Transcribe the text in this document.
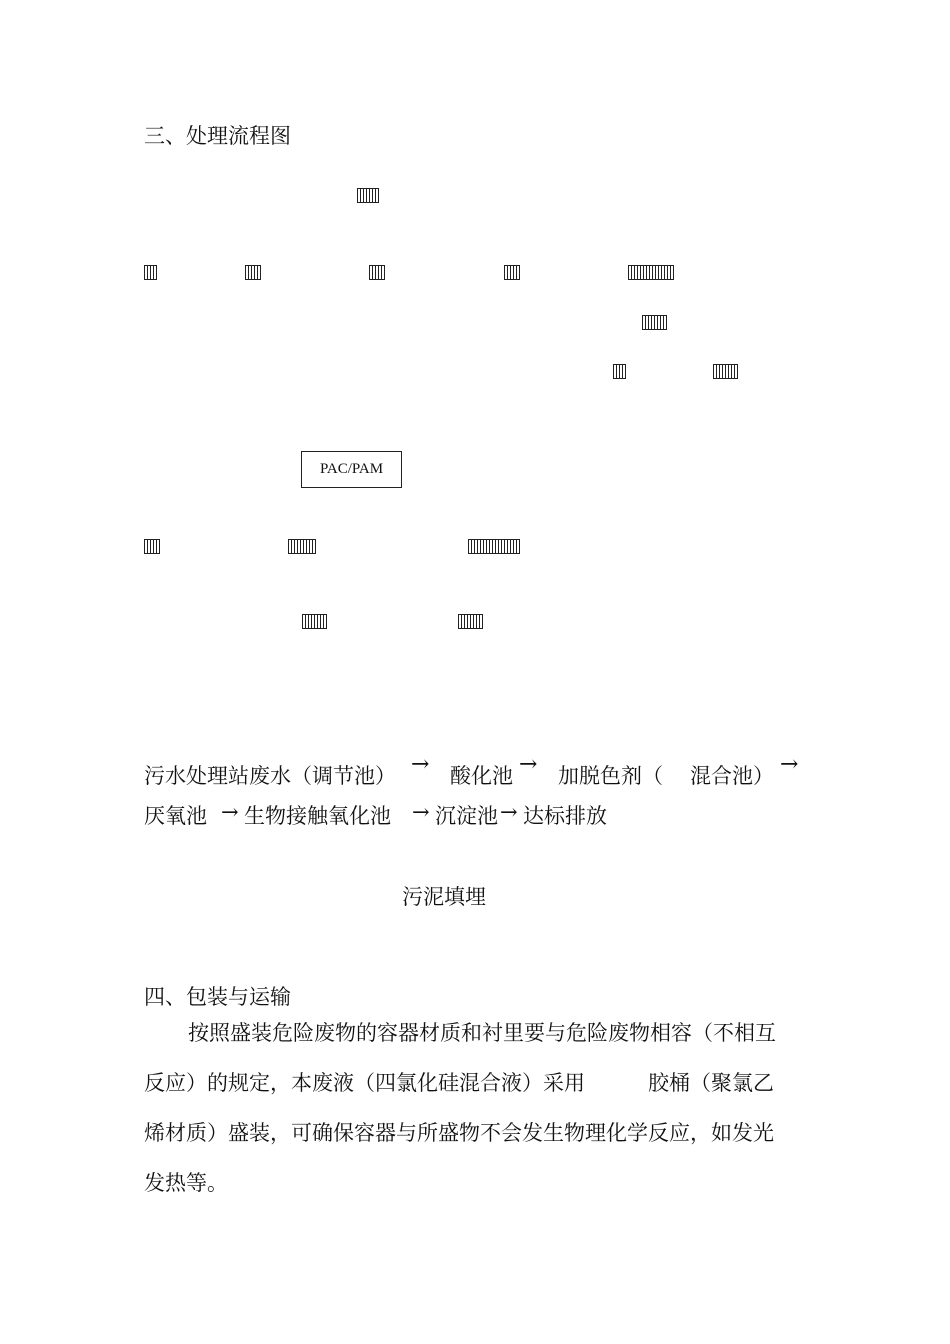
三、处理流程图
PAC/PAM
污水处理站废水（调节池） → 酸化池 → 加脱色剂（ 混合池） →
厌氧池 → 生物接触氧化池 → 沉淀池 → 达标排放
污泥填埋
四、包装与运输
按照盛装危险废物的容器材质和衬里要与危险废物相容（不相互
反应）的规定，本废液（四氯化硅混合液）采用　　　胶桶（聚氯乙
烯材质）盛装，可确保容器与所盛物不会发生物理化学反应，如发光
发热等。
